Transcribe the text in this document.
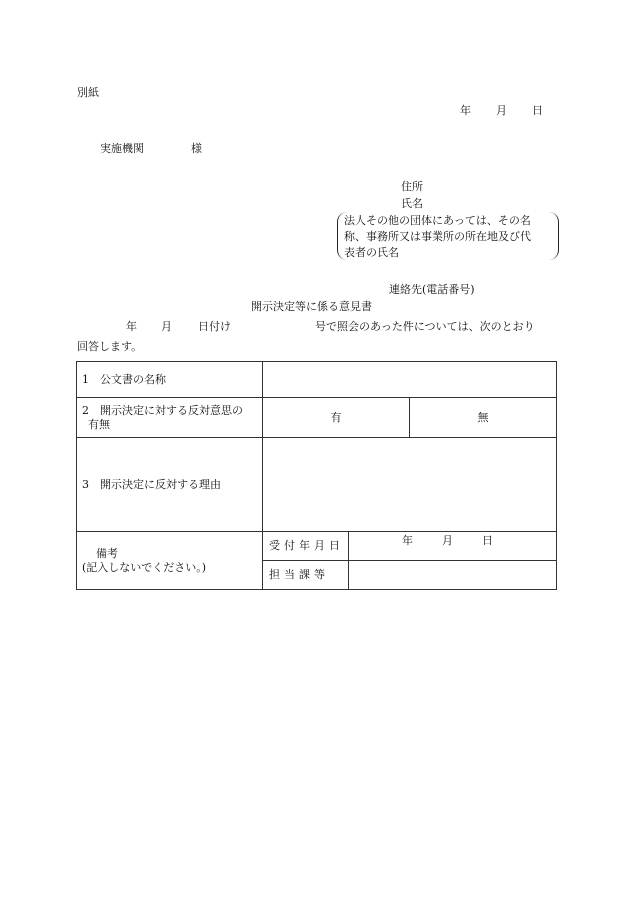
別紙
年 月 日
実施機関	様
住所
氏名
法人その他の団体にあっては、その名
称、事務所又は事業所の所在地及び代
表者の氏名
連絡先(電話番号)
開示決定等に係る意見書
年 月 日付け	号で照会のあった件については、次のとおり
回答します。
1　公文書の名称			

2　開示決定に対する反対意思の
有無	有		無
3　開示決定に反対する理由			

備考
(記入しないでください。)	受付年月日	年 月 日	
	担当課等		
